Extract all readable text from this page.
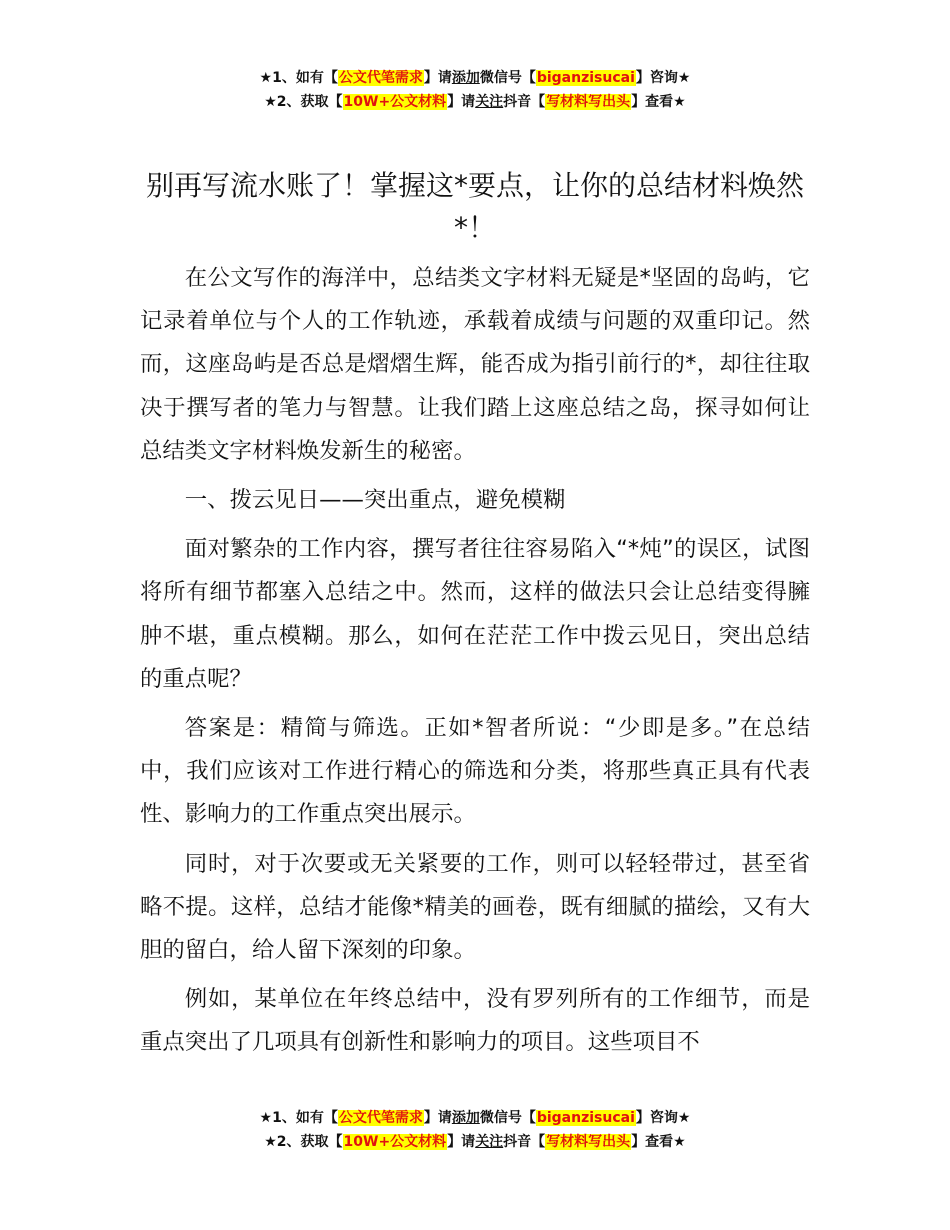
★1、如有【公文代笔需求】请添加微信号【biganzisucai】咨询★
★2、获取【10W+公文材料】请关注抖音【写材料写出头】查看★
别再写流水账了！掌握这*要点，让你的总结材料焕然*！

在公文写作的海洋中，总结类文字材料无疑是*坚固的岛屿，它记录着单位与个人的工作轨迹，承载着成绩与问题的双重印记。然而，这座岛屿是否总是熠熠生辉，能否成为指引前行的*，却往往取决于撰写者的笔力与智慧。让我们踏上这座总结之岛，探寻如何让总结类文字材料焕发新生的秘密。

一、拨云见日——突出重点，避免模糊

面对繁杂的工作内容，撰写者往往容易陷入“*炖”的误区，试图将所有细节都塞入总结之中。然而，这样的做法只会让总结变得臃肿不堪，重点模糊。那么，如何在茫茫工作中拨云见日，突出总结的重点呢？

答案是：精简与筛选。正如*智者所说：“少即是多。”在总结中，我们应该对工作进行精心的筛选和分类，将那些真正具有代表性、影响力的工作重点突出展示。

同时，对于次要或无关紧要的工作，则可以轻轻带过，甚至省略不提。这样，总结才能像*精美的画卷，既有细腻的描绘，又有大胆的留白，给人留下深刻的印象。

例如，某单位在年终总结中，没有罗列所有的工作细节，而是重点突出了几项具有创新性和影响力的项目。这些项目不

★1、如有【公文代笔需求】请添加微信号【biganzisucai】咨询★
★2、获取【10W+公文材料】请关注抖音【写材料写出头】查看★
